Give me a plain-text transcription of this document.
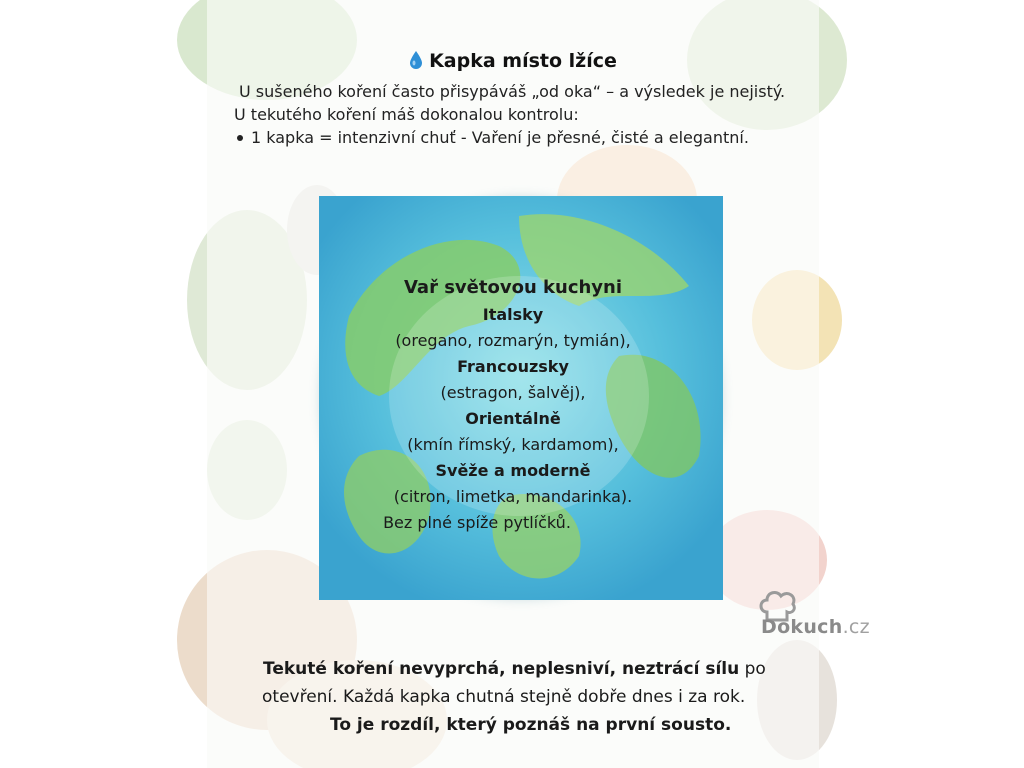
Kapka místo lžíce

U sušeného koření často přisypáváš „od oka“ – a výsledek je nejistý.

U tekutého koření máš dokonalou kontrolu:

1 kapka = intenzivní chuť - Vaření je přesné, čisté a elegantní.
Vař světovou kuchyni
Italsky
(oregano, rozmarýn, tymián),
Francouzsky
(estragon, šalvěj),
Orientálně
(kmín římský, kardamom),
Svěže a moderně
(citron, limetka, mandarinka).
Bez plné spíže pytlíčků.
Dokuch.cz
Tekuté koření nevyprchá, neplesniví, neztrácí sílu po
otevření. Každá kapka chutná stejně dobře dnes i za rok.
To je rozdíl, který poznáš na první sousto.
